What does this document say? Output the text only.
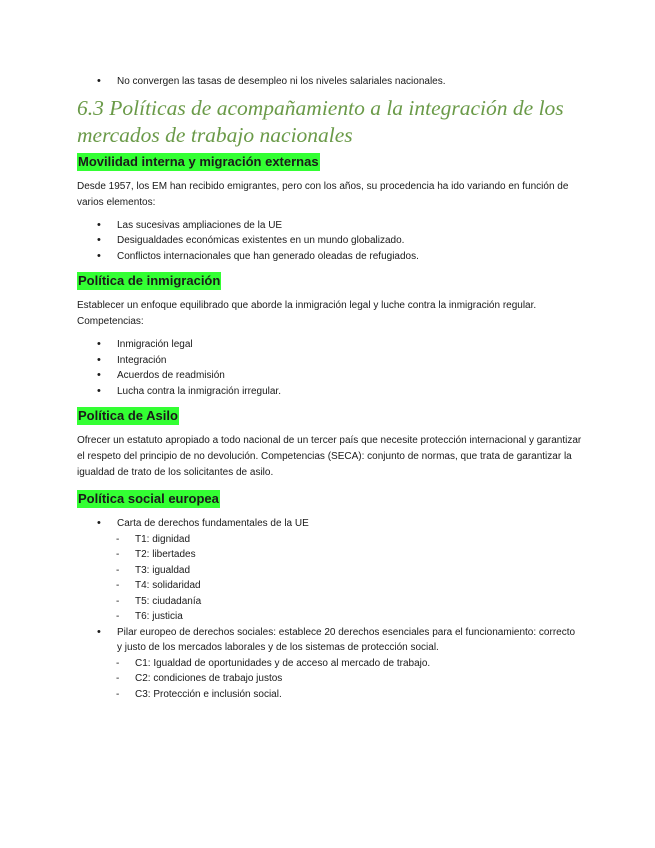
• No convergen las tasas de desempleo ni los niveles salariales nacionales.
6.3 Políticas de acompañamiento a la integración de los mercados de trabajo nacionales
Movilidad interna y migración externas

Desde 1957, los EM han recibido emigrantes, pero con los años, su procedencia ha ido variando en función de varios elementos:

• Las sucesivas ampliaciones de la UE
• Desigualdades económicas existentes en un mundo globalizado.
• Conflictos internacionales que han generado oleadas de refugiados.
Política de inmigración

Establecer un enfoque equilibrado que aborde la inmigración legal y luche contra la inmigración regular. Competencias:

• Inmigración legal
• Integración
• Acuerdos de readmisión
• Lucha contra la inmigración irregular.
Política de Asilo

Ofrecer un estatuto apropiado a todo nacional de un tercer país que necesite protección internacional y garantizar el respeto del principio de no devolución. Competencias (SECA): conjunto de normas, que trata de garantizar la igualdad de trato de los solicitantes de asilo.

Política social europea
• Carta de derechos fundamentales de la UE
- T1: dignidad
- T2: libertades
- T3: igualdad
- T4: solidaridad
- T5: ciudadanía
- T6: justicia
• Pilar europeo de derechos sociales: establece 20 derechos esenciales para el funcionamiento: correcto y justo de los mercados laborales y de los sistemas de protección social.
- C1: Igualdad de oportunidades y de acceso al mercado de trabajo.
- C2: condiciones de trabajo justos
- C3: Protección e inclusión social.
